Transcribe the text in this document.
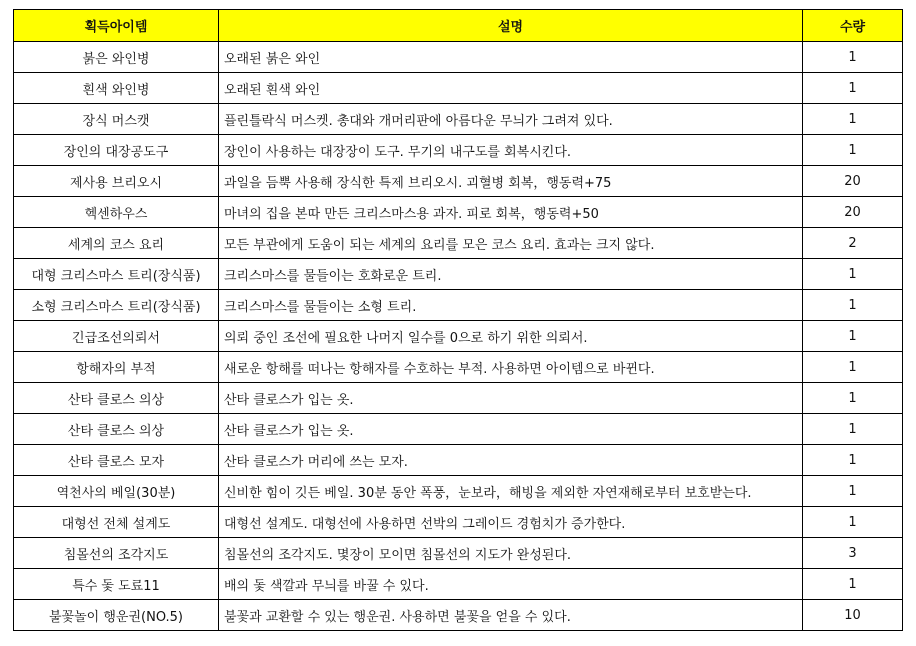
획득아이템	설명	수량
붉은 와인병	오래된 붉은 와인	1
흰색 와인병	오래된 흰색 와인	1
장식 머스캣	플린틀락식 머스켓. 총대와 개머리판에 아름다운 무늬가 그려져 있다.	1
장인의 대장공도구	장인이 사용하는 대장장이 도구. 무기의 내구도를 회복시킨다.	1
제사용 브리오시	과일을 듬뿍 사용해 장식한 특제 브리오시. 괴혈병 회복，행동력+75	20
헥센하우스	마녀의 집을 본따 만든 크리스마스용 과자. 피로 회복，행동력+50	20
세계의 코스 요리	모든 부관에게 도움이 되는 세계의 요리를 모은 코스 요리. 효과는 크지 않다.	2
대형 크리스마스 트리(장식품)	크리스마스를 물들이는 호화로운 트리.	1
소형 크리스마스 트리(장식품)	크리스마스를 물들이는 소형 트리.	1
긴급조선의뢰서	의뢰 중인 조선에 필요한 나머지 일수를 0으로 하기 위한 의뢰서.	1
항해자의 부적	새로운 항해를 떠나는 항해자를 수호하는 부적. 사용하면 아이템으로 바뀐다.	1
산타 클로스 의상	산타 클로스가 입는 옷.	1
산타 클로스 의상	산타 클로스가 입는 옷.	1
산타 클로스 모자	산타 클로스가 머리에 쓰는 모자.	1
역천사의 베일(30분)	신비한 힘이 깃든 베일. 30분 동안 폭풍，눈보라，해빙을 제외한 자연재해로부터 보호받는다.	1
대형선 전체 설계도	대형선 설계도. 대형선에 사용하면 선박의 그레이드 경험치가 증가한다.	1
침몰선의 조각지도	침몰선의 조각지도. 몇장이 모이면 침몰선의 지도가 완성된다.	3
특수 돛 도료11	배의 돛 색깔과 무늬를 바꿀 수 있다.	1
불꽃놀이 행운권(NO.5)	불꽃과 교환할 수 있는 행운권. 사용하면 불꽃을 얻을 수 있다.	10
